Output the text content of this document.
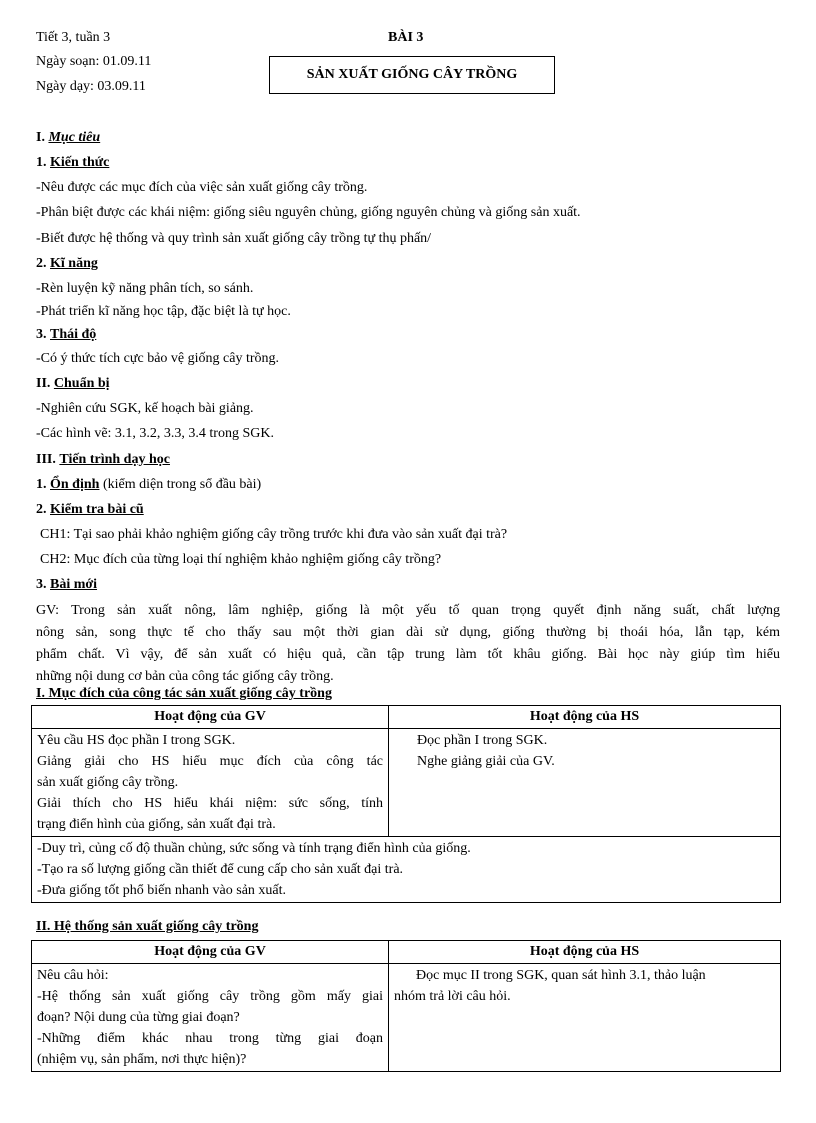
Tiết 3, tuần 3
Ngày soạn: 01.09.11
Ngày dạy: 03.09.11
BÀI 3
SẢN XUẤT GIỐNG CÂY TRỒNG
I. Mục tiêu
1. Kiến thức
-Nêu được các mục đích của việc sản xuất giống cây trồng.
-Phân biệt được các khái niệm: giống siêu nguyên chủng, giống nguyên chủng và giống sản xuất.
-Biết được hệ thống và quy trình sản xuất giống cây trồng tự thụ phấn/
2. Kĩ năng
-Rèn luyện kỹ năng phân tích, so sánh.
-Phát triển kĩ năng học tập, đặc biệt là tự học.
3. Thái độ
-Có ý thức tích cực bảo vệ giống cây trồng.
II. Chuẩn bị
-Nghiên cứu SGK, kế hoạch bài giảng.
-Các hình vẽ: 3.1, 3.2, 3.3, 3.4 trong SGK.
III. Tiến trình dạy học
1. Ổn định (kiểm diện trong sổ đầu bài)
2. Kiểm tra bài cũ
CH1: Tại sao phải khảo nghiệm giống cây trồng trước khi đưa vào sản xuất đại trà?
CH2: Mục đích của từng loại thí nghiệm khảo nghiệm giống cây trồng?
3. Bài mới
GV: Trong sản xuất nông, lâm nghiệp, giống là một yếu tố quan trọng quyết định năng suất, chất lượng
nông sản, song thực tế cho thấy sau một thời gian dài sử dụng, giống thường bị thoái hóa, lẫn tạp, kém
phẩm chất. Vì vậy, để sản xuất có hiệu quả, cần tập trung làm tốt khâu giống. Bài học này giúp tìm hiểu
những nội dung cơ bản của công tác giống cây trồng.
I. Mục đích của công tác sản xuất giống cây trồng
Hoạt động của GV	Hoạt động của HS

Yêu cầu HS đọc phần I trong SGK.
Giảng giải cho HS hiểu mục đích của công tác
sản xuất giống cây trồng.
Giải thích cho HS hiểu khái niệm: sức sống, tính
trạng điển hình của giống, sản xuất đại trà.	Đọc phần I trong SGK.
Nghe giảng giải của GV.

-Duy trì, củng cố độ thuần chủng, sức sống và tính trạng điển hình của giống.
-Tạo ra số lượng giống cần thiết để cung cấp cho sản xuất đại trà.
-Đưa giống tốt phổ biến nhanh vào sản xuất.	
II. Hệ thống sản xuất giống cây trồng
Hoạt động của GV	Hoạt động của HS

Nêu câu hỏi:
-Hệ thống sản xuất giống cây trồng gồm mấy giai
đoạn? Nội dung của từng giai đoạn?
-Những điểm khác nhau trong từng giai đoạn
(nhiệm vụ, sản phẩm, nơi thực hiện)?	Đọc mục II trong SGK, quan sát hình 3.1, thảo luận
nhóm trả lời câu hỏi.
